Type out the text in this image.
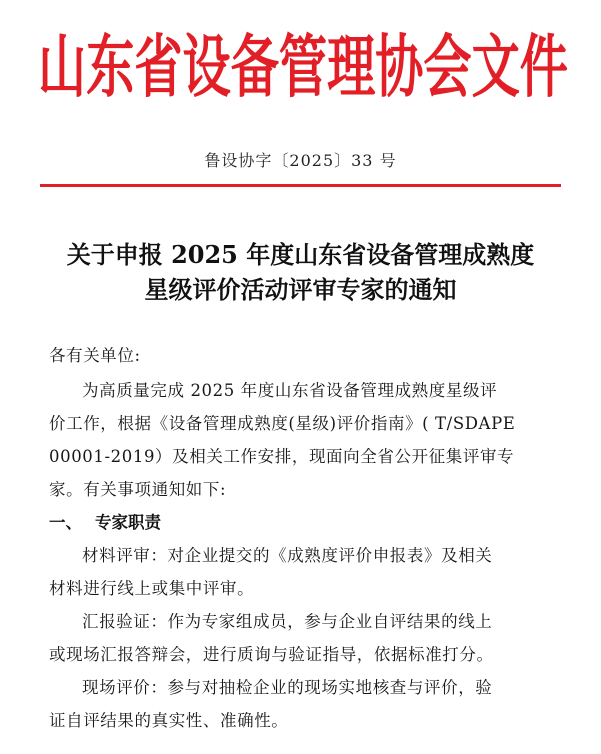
山东省设备管理协会文件
鲁设协字〔2025〕33 号
关于申报 2025 年度山东省设备管理成熟度
星级评价活动评审专家的通知
各有关单位:
为高质量完成 2025 年度山东省设备管理成熟度星级评
价工作，根据《设备管理成熟度(星级)评价指南》( T/SDAPE
00001-2019）及相关工作安排，现面向全省公开征集评审专
家。有关事项通知如下:
一、 专家职责
材料评审：对企业提交的《成熟度评价申报表》及相关
材料进行线上或集中评审。
汇报验证：作为专家组成员，参与企业自评结果的线上
或现场汇报答辩会，进行质询与验证指导，依据标准打分。
现场评价：参与对抽检企业的现场实地核查与评价，验
证自评结果的真实性、准确性。
